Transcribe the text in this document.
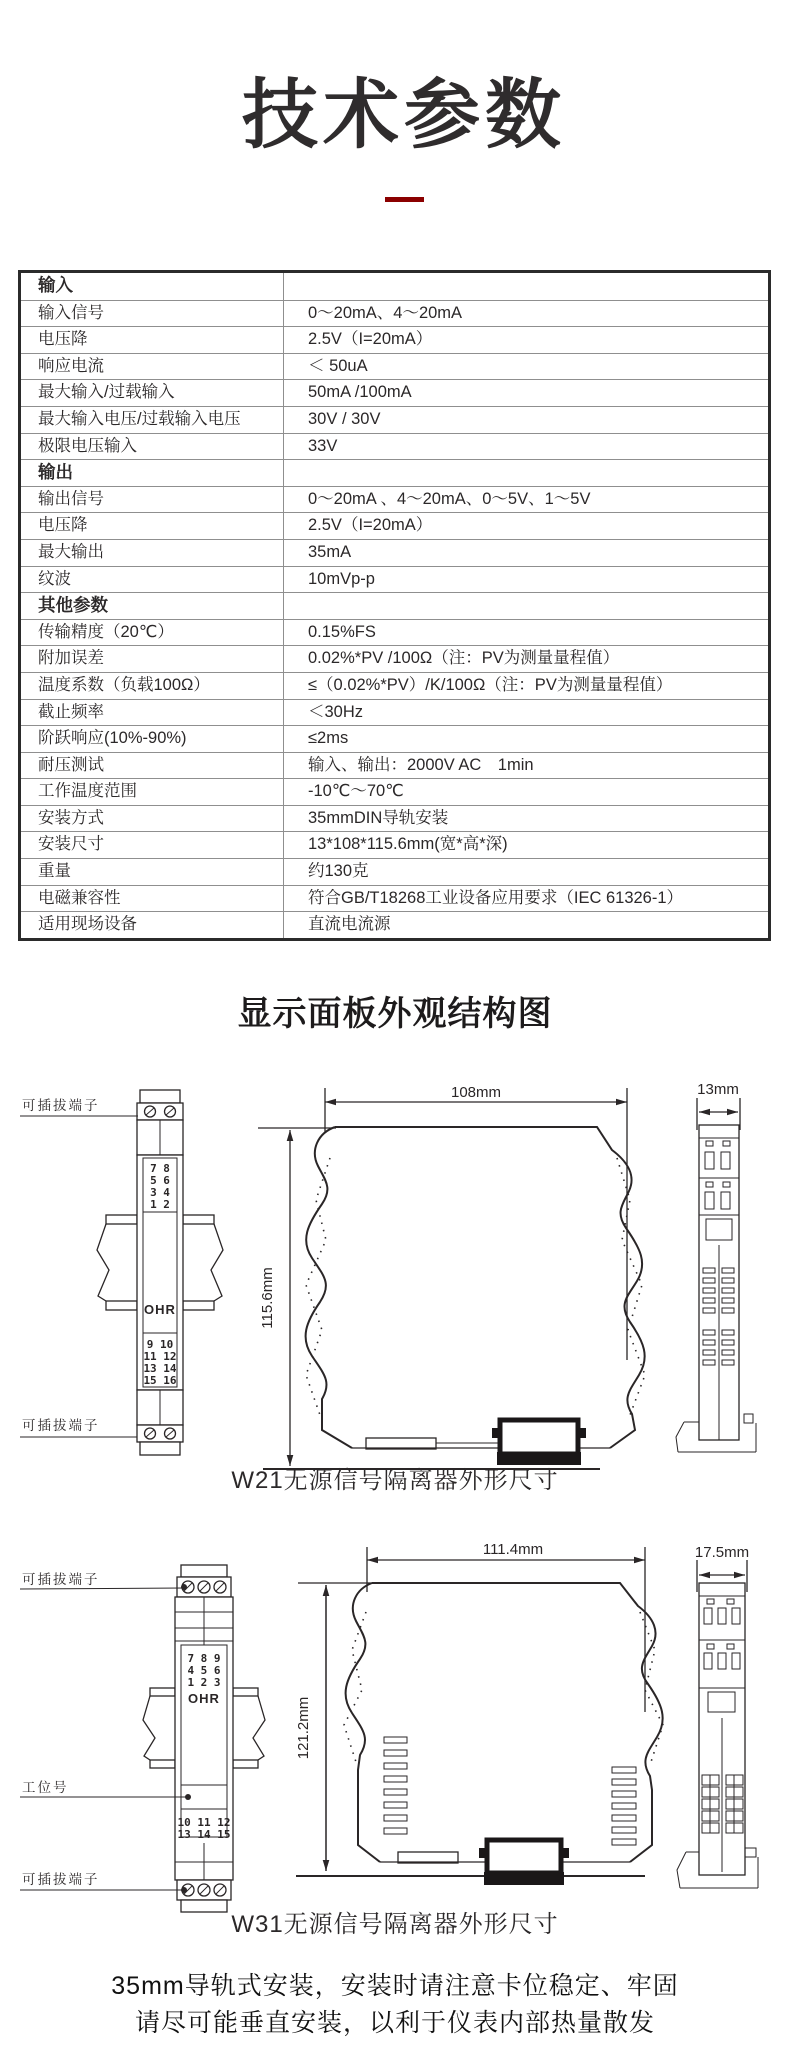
技术参数
输入
输入信号	0～20mA、4～20mA
电压降	2.5V（I=20mA）
响应电流	＜ 50uA
最大输入/过载输入	50mA /100mA
最大输入电压/过载输入电压	30V / 30V
极限电压输入	33V
输出
输出信号	0～20mA 、4～20mA、0～5V、1～5V
电压降	2.5V（I=20mA）
最大输出	35mA
纹波	10mVp-p
其他参数
传输精度（20℃）	0.15%FS
附加误差	0.02%*PV /100Ω（注：PV为测量量程值）
温度系数（负载100Ω）	≤（0.02%*PV）/K/100Ω（注：PV为测量量程值）
截止频率	＜30Hz
阶跃响应(10%-90%)	≤2ms
耐压测试	输入、输出：2000V AC　1min
工作温度范围	-10℃～70℃
安装方式	35mmDIN导轨安装
安装尺寸	13*108*115.6mm(宽*高*深)
重量	约130克
电磁兼容性	符合GB/T18268工业设备应用要求（IEC 61326-1）
适用现场设备	直流电流源
显示面板外观结构图
7 8
5 6
3 4
1 2
OHR
9 10
11 12
13 14
15 16
可插拔端子
可插拔端子
108mm
115.6mm
13mm
W21无源信号隔离器外形尺寸
7 8 9
4 5 6
1 2 3
OHR
10 11 12
13 14 15
可插拔端子
工位号
可插拔端子
111.4mm
121.2mm
17.5mm
W31无源信号隔离器外形尺寸
35mm导轨式安装，安装时请注意卡位稳定、牢固
请尽可能垂直安装，以利于仪表内部热量散发
